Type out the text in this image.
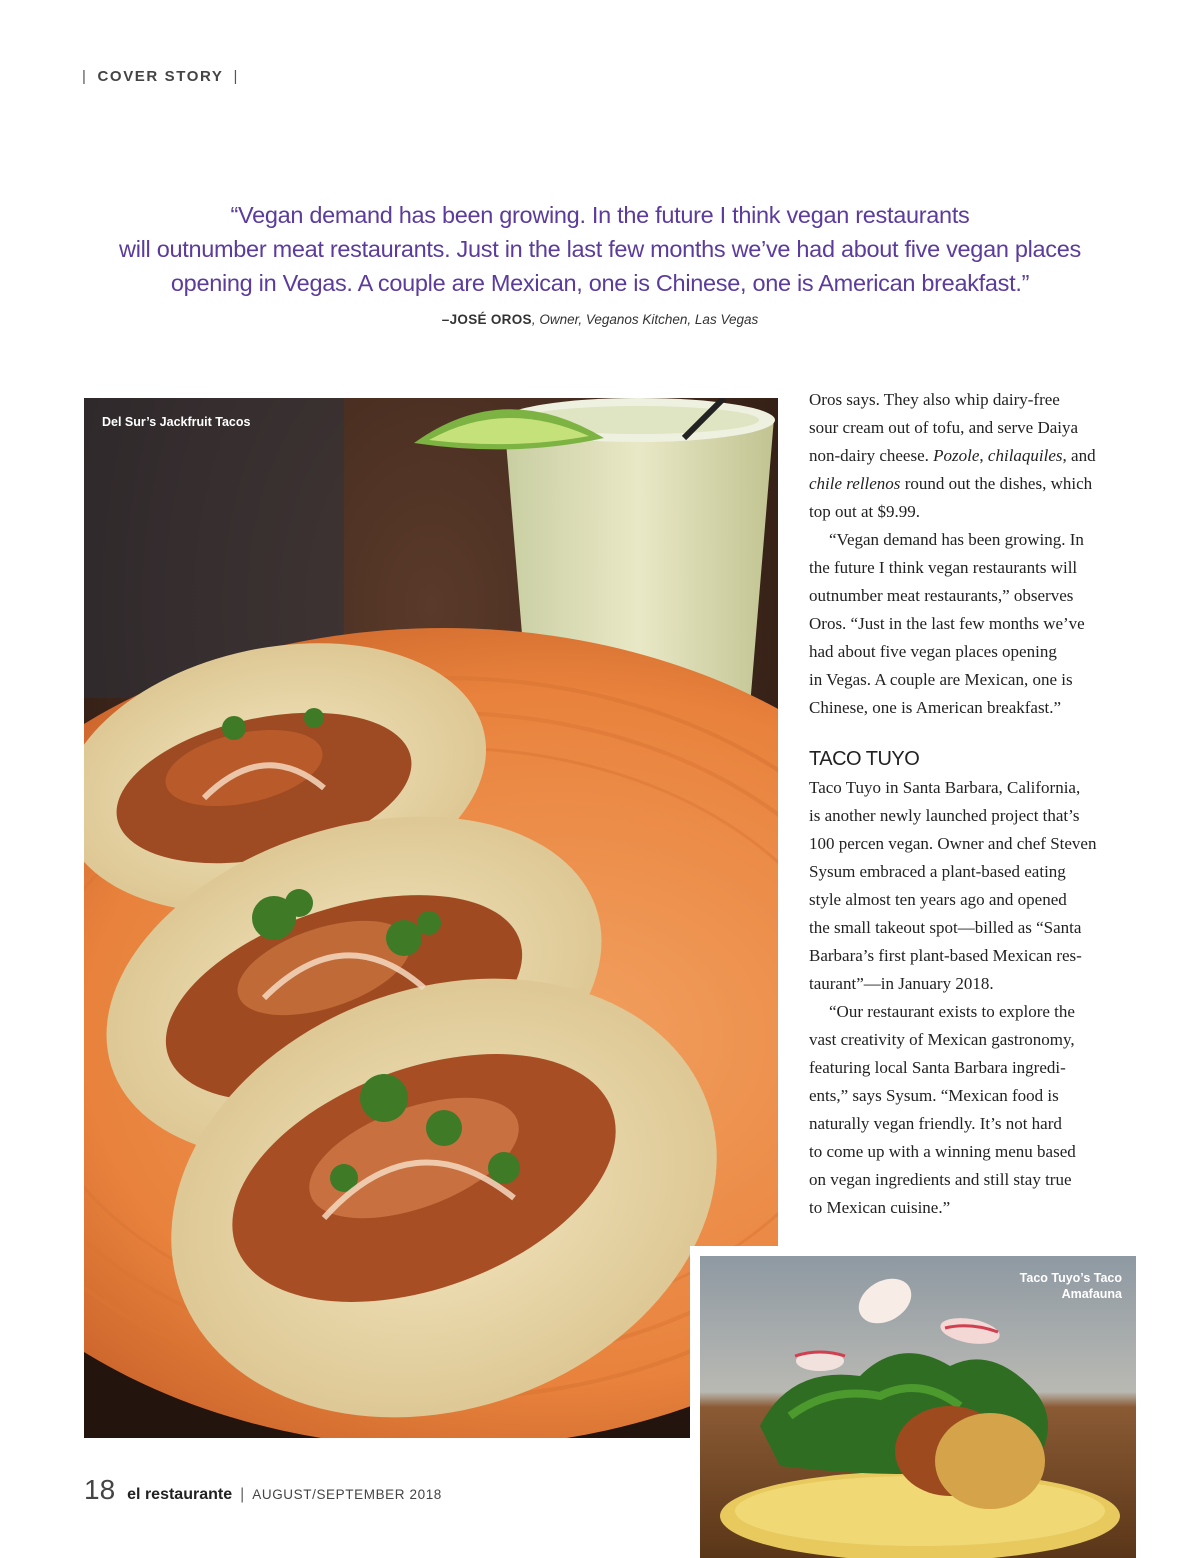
| COVER STORY |
“Vegan demand has been growing. In the future I think vegan restaurants
will outnumber meat restaurants. Just in the last few months we’ve had about five vegan places
opening in Vegas. A couple are Mexican, one is Chinese, one is American breakfast.”
–JOSÉ OROS, Owner, Veganos Kitchen, Las Vegas
Del Sur’s Jackfruit Tacos

Oros says. They also whip dairy-free

sour cream out of tofu, and serve Daiya

non-dairy cheese. Pozole, chilaquiles, and

chile rellenos round out the dishes, which

top out at $9.99.

“Vegan demand has been growing. In

the future I think vegan restaurants will

outnumber meat restaurants,” observes

Oros. “Just in the last few months we’ve

had about five vegan places opening

in Vegas. A couple are Mexican, one is

Chinese, one is American breakfast.”

TACO TUYO

Taco Tuyo in Santa Barbara, California,

is another newly launched project that’s

100 percen vegan. Owner and chef Steven

Sysum embraced a plant-based eating

style almost ten years ago and opened

the small takeout spot—billed as “Santa

Barbara’s first plant-based Mexican res-

taurant”—in January 2018.

“Our restaurant exists to explore the

vast creativity of Mexican gastronomy,

featuring local Santa Barbara ingredi-

ents,” says Sysum. “Mexican food is

naturally vegan friendly. It’s not hard

to come up with a winning menu based

on vegan ingredients and still stay true

to Mexican cuisine.”

Taco Tuyo’s Taco
Amafauna
18 el restaurante | AUGUST/SEPTEMBER 2018
